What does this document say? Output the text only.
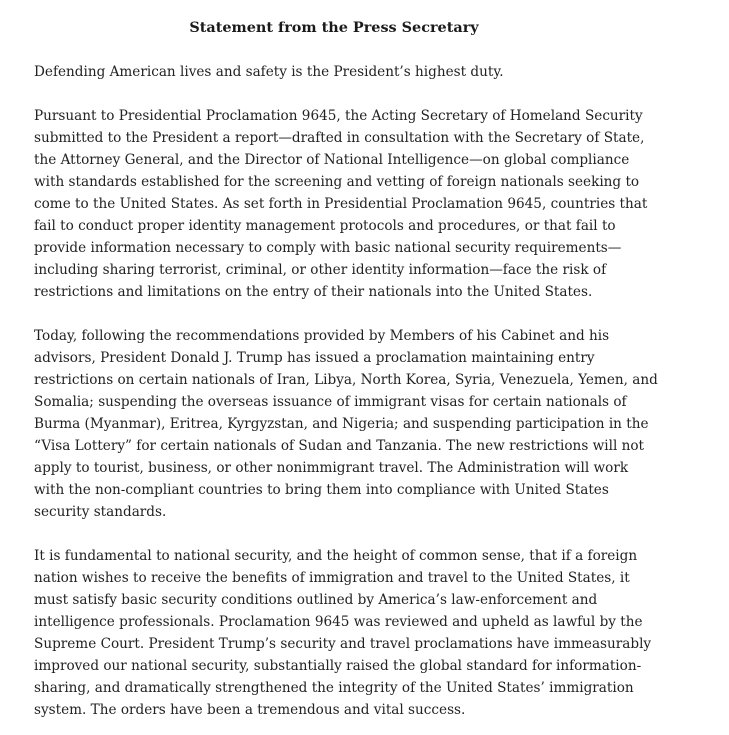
Statement from the Press Secretary

Defending American lives and safety is the President’s highest duty.

Pursuant to Presidential Proclamation 9645, the Acting Secretary of Homeland Security
submitted to the President a report—drafted in consultation with the Secretary of State,
the Attorney General, and the Director of National Intelligence—on global compliance
with standards established for the screening and vetting of foreign nationals seeking to
come to the United States. As set forth in Presidential Proclamation 9645, countries that
fail to conduct proper identity management protocols and procedures, or that fail to
provide information necessary to comply with basic national security requirements—
including sharing terrorist, criminal, or other identity information—face the risk of
restrictions and limitations on the entry of their nationals into the United States.

Today, following the recommendations provided by Members of his Cabinet and his
advisors, President Donald J. Trump has issued a proclamation maintaining entry
restrictions on certain nationals of Iran, Libya, North Korea, Syria, Venezuela, Yemen, and
Somalia; suspending the overseas issuance of immigrant visas for certain nationals of
Burma (Myanmar), Eritrea, Kyrgyzstan, and Nigeria; and suspending participation in the
“Visa Lottery” for certain nationals of Sudan and Tanzania. The new restrictions will not
apply to tourist, business, or other nonimmigrant travel. The Administration will work
with the non-compliant countries to bring them into compliance with United States
security standards.

It is fundamental to national security, and the height of common sense, that if a foreign
nation wishes to receive the benefits of immigration and travel to the United States, it
must satisfy basic security conditions outlined by America’s law-enforcement and
intelligence professionals. Proclamation 9645 was reviewed and upheld as lawful by the
Supreme Court. President Trump’s security and travel proclamations have immeasurably
improved our national security, substantially raised the global standard for information-
sharing, and dramatically strengthened the integrity of the United States’ immigration
system. The orders have been a tremendous and vital success.
